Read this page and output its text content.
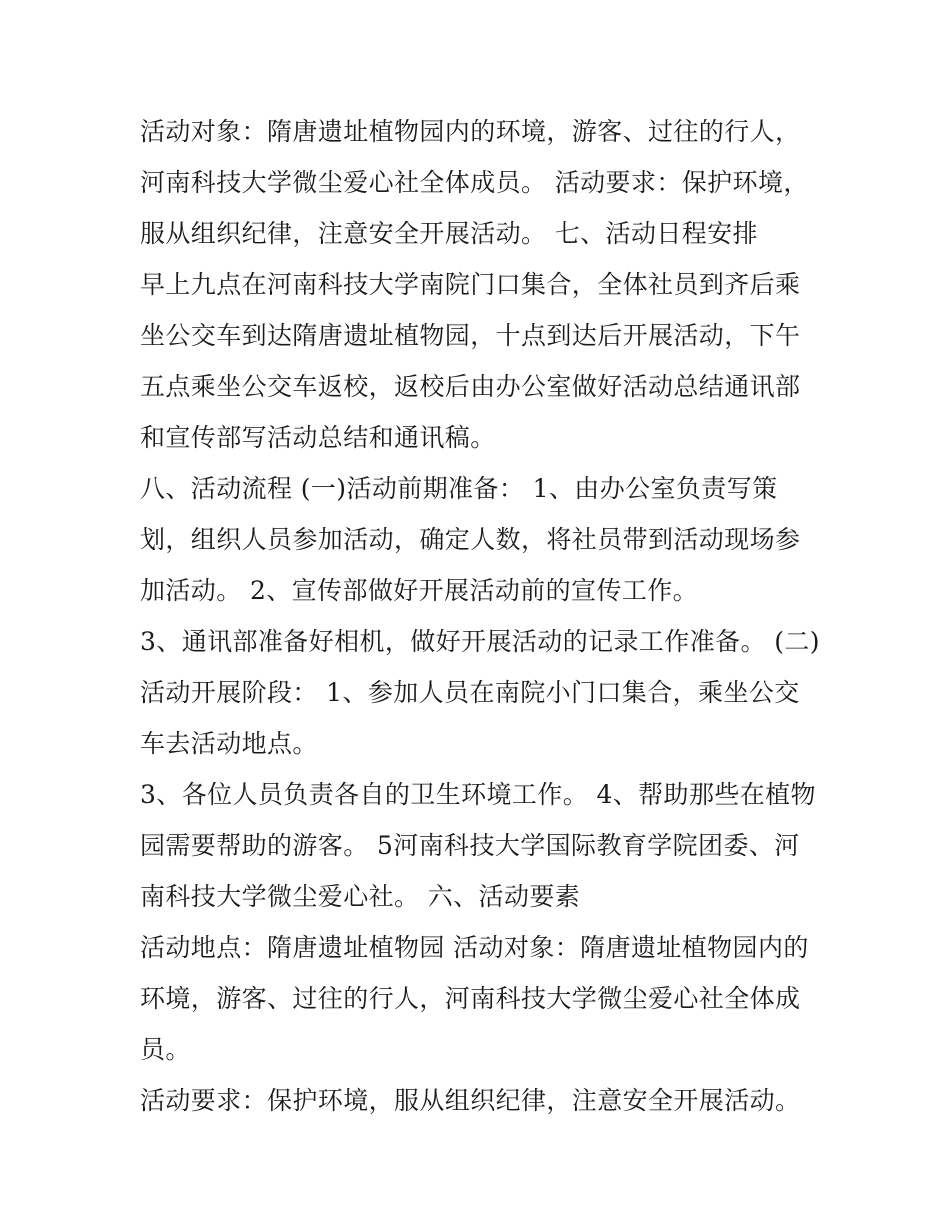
活动对象：隋唐遗址植物园内的环境，游客、过往的行人，河南科技大学微尘爱心社全体成员。 活动要求：保护环境，服从组织纪律，注意安全开展活动。 七、活动日程安排

早上九点在河南科技大学南院门口集合，全体社员到齐后乘坐公交车到达隋唐遗址植物园，十点到达后开展活动，下午五点乘坐公交车返校，返校后由办公室做好活动总结通讯部和宣传部写活动总结和通讯稿。

八、活动流程 (一)活动前期准备： 1、由办公室负责写策划，组织人员参加活动，确定人数，将社员带到活动现场参加活动。 2、宣传部做好开展活动前的宣传工作。

3、通讯部准备好相机，做好开展活动的记录工作准备。 (二)活动开展阶段： 1、参加人员在南院小门口集合，乘坐公交车去活动地点。

3、各位人员负责各自的卫生环境工作。 4、帮助那些在植物园需要帮助的游客。 5河南科技大学国际教育学院团委、河南科技大学微尘爱心社。 六、活动要素

活动地点：隋唐遗址植物园 活动对象：隋唐遗址植物园内的环境，游客、过往的行人，河南科技大学微尘爱心社全体成员。

活动要求：保护环境，服从组织纪律，注意安全开展活动。
